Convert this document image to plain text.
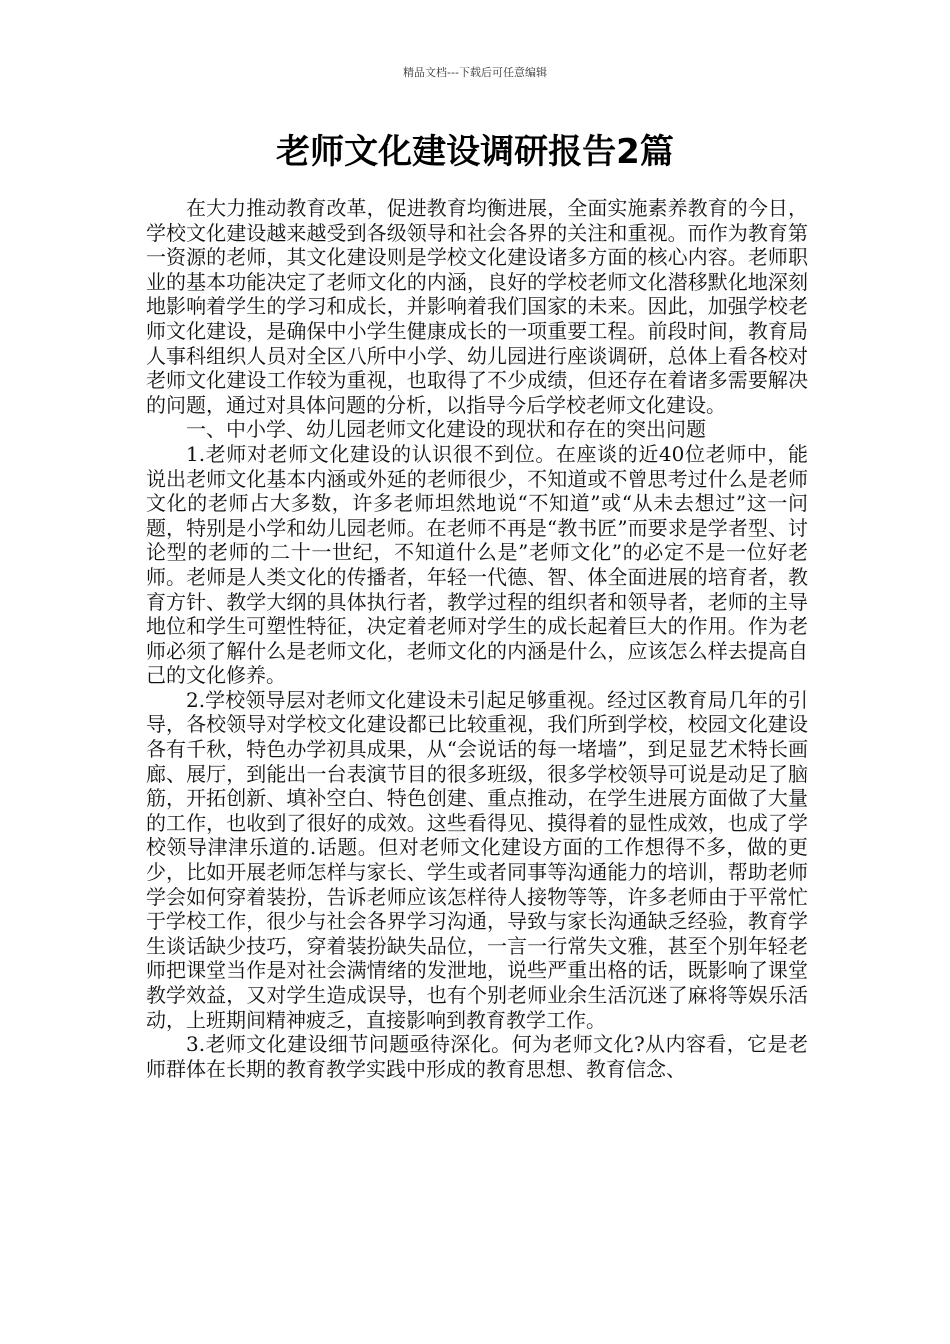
精品文档---下载后可任意编辑
老师文化建设调研报告2篇

在大力推动教育改革，促进教育均衡进展，全面实施素养教育的今日，学校文化建设越来越受到各级领导和社会各界的关注和重视。而作为教育第一资源的老师，其文化建设则是学校文化建设诸多方面的核心内容。老师职业的基本功能决定了老师文化的内涵，良好的学校老师文化潜移默化地深刻地影响着学生的学习和成长，并影响着我们国家的未来。因此，加强学校老师文化建设，是确保中小学生健康成长的一项重要工程。前段时间，教育局人事科组织人员对全区八所中小学、幼儿园进行座谈调研，总体上看各校对老师文化建设工作较为重视，也取得了不少成绩，但还存在着诸多需要解决的问题，通过对具体问题的分析，以指导今后学校老师文化建设。

一、中小学、幼儿园老师文化建设的现状和存在的突出问题

1.老师对老师文化建设的认识很不到位。在座谈的近40位老师中，能说出老师文化基本内涵或外延的老师很少，不知道或不曾思考过什么是老师文化的老师占大多数，许多老师坦然地说“不知道”或“从未去想过”这一问题，特别是小学和幼儿园老师。在老师不再是“教书匠”而要求是学者型、讨论型的老师的二十一世纪，不知道什么是”老师文化”的必定不是一位好老师。老师是人类文化的传播者，年轻一代德、智、体全面进展的培育者，教育方针、教学大纲的具体执行者，教学过程的组织者和领导者，老师的主导地位和学生可塑性特征，决定着老师对学生的成长起着巨大的作用。作为老师必须了解什么是老师文化，老师文化的内涵是什么，应该怎么样去提高自己的文化修养。

2.学校领导层对老师文化建设未引起足够重视。经过区教育局几年的引导，各校领导对学校文化建设都已比较重视，我们所到学校，校园文化建设各有千秋，特色办学初具成果，从“会说话的每一堵墙”，到足显艺术特长画廊、展厅，到能出一台表演节目的很多班级，很多学校领导可说是动足了脑筋，开拓创新、填补空白、特色创建、重点推动，在学生进展方面做了大量的工作，也收到了很好的成效。这些看得见、摸得着的显性成效，也成了学校领导津津乐道的.话题。但对老师文化建设方面的工作想得不多，做的更少，比如开展老师怎样与家长、学生或者同事等沟通能力的培训，帮助老师学会如何穿着装扮，告诉老师应该怎样待人接物等等，许多老师由于平常忙于学校工作，很少与社会各界学习沟通，导致与家长沟通缺乏经验，教育学生谈话缺少技巧，穿着装扮缺失品位，一言一行常失文雅，甚至个别年轻老师把课堂当作是对社会满情绪的发泄地，说些严重出格的话，既影响了课堂教学效益，又对学生造成误导，也有个别老师业余生活沉迷了麻将等娱乐活动，上班期间精神疲乏，直接影响到教育教学工作。

3.老师文化建设细节问题亟待深化。何为老师文化?从内容看，它是老师群体在长期的教育教学实践中形成的教育思想、教育信念、
